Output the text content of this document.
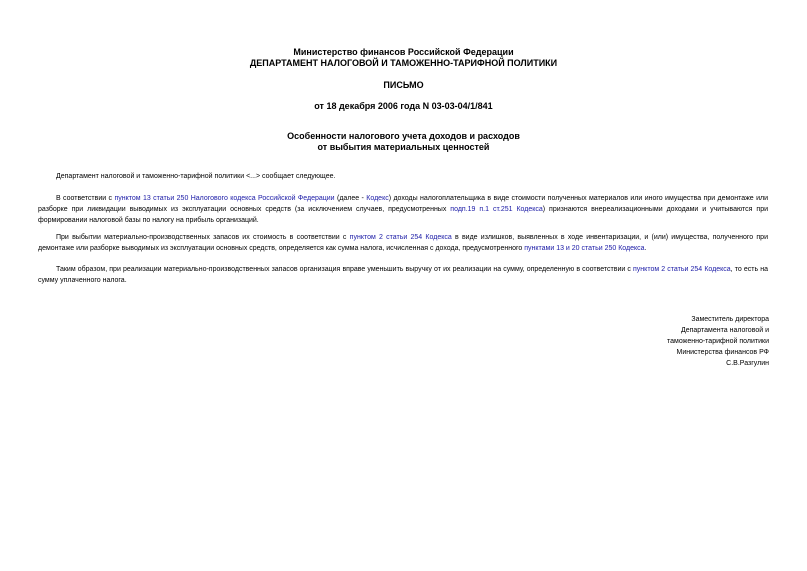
Министерство финансов Российской Федерации
ДЕПАРТАМЕНТ НАЛОГОВОЙ И ТАМОЖЕННО-ТАРИФНОЙ ПОЛИТИКИ
ПИСЬМО
от 18 декабря 2006 года N 03-03-04/1/841
Особенности налогового учета доходов и расходов
от выбытия материальных ценностей

Департамент налоговой и таможенно-тарифной политики <...> сообщает следующее.

В соответствии с пунктом 13 статьи 250 Налогового кодекса Российской Федерации (далее - Кодекс) доходы налогоплательщика в виде стоимости полученных материалов или иного имущества при демонтаже или разборке при ликвидации выводимых из эксплуатации основных средств (за исключением случаев, предусмотренных подп.19 п.1 ст.251 Кодекса) признаются внереализационными доходами и учитываются при формировании налоговой базы по налогу на прибыль организаций.

При выбытии материально-производственных запасов их стоимость в соответствии с пунктом 2 статьи 254 Кодекса в виде излишков, выявленных в ходе инвентаризации, и (или) имущества, полученного при демонтаже или разборке выводимых из эксплуатации основных средств, определяется как сумма налога, исчисленная с дохода, предусмотренного пунктами 13 и 20 статьи 250 Кодекса.

Таким образом, при реализации материально-производственных запасов организация вправе уменьшить выручку от их реализации на сумму, определенную в соответствии с пунктом 2 статьи 254 Кодекса, то есть на сумму уплаченного налога.

Заместитель директора
Департамента налоговой и
таможенно-тарифной политики
Министерства финансов РФ
С.В.Разгулин
